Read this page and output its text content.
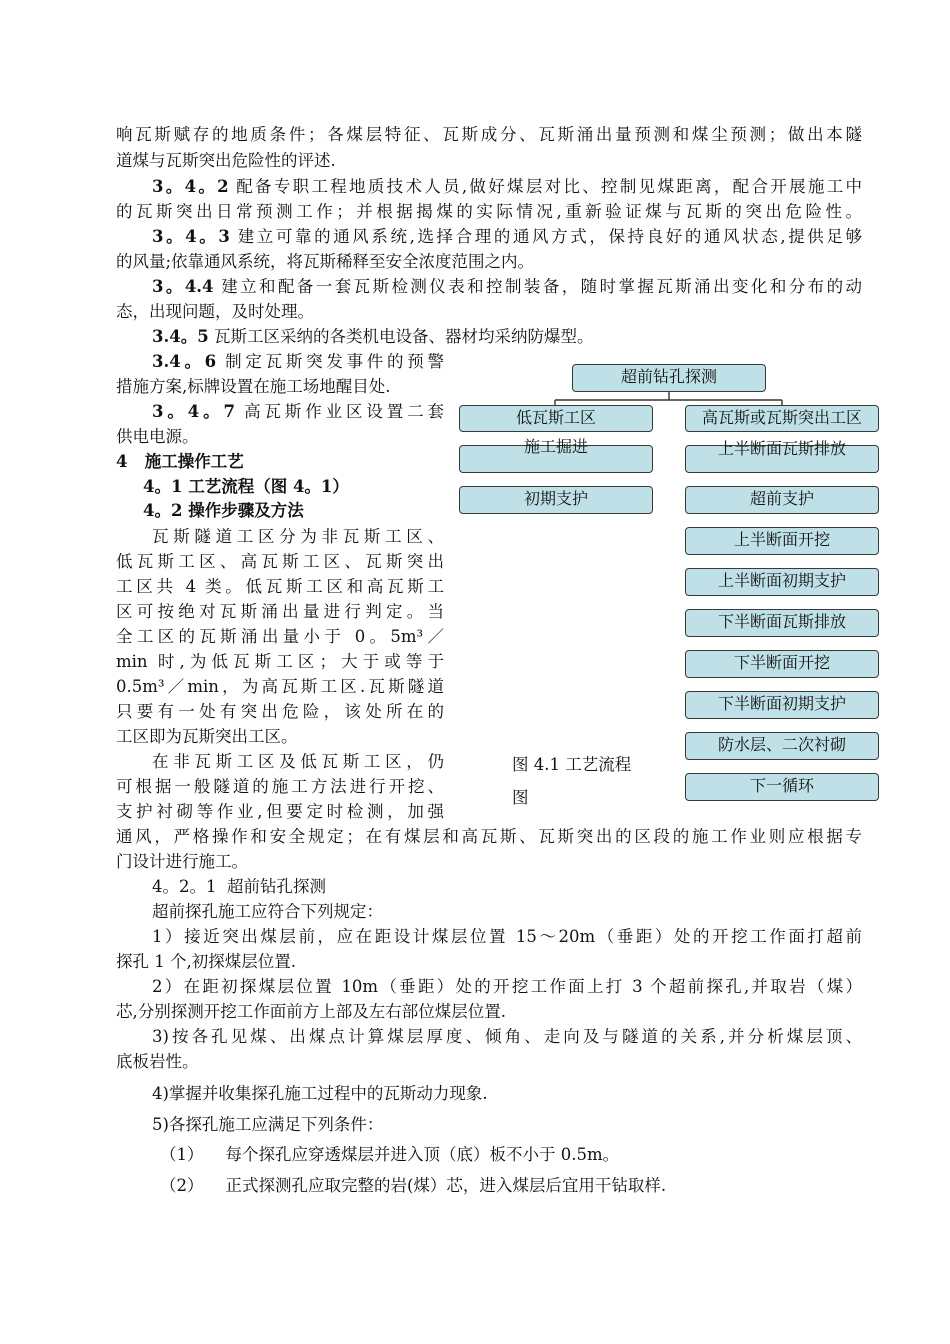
响瓦斯赋存的地质条件；各煤层特征、瓦斯成分、瓦斯涌出量预测和煤尘预测；做出本隧
道煤与瓦斯突出危险性的评述.
3。4。2 配备专职工程地质技术人员,做好煤层对比、控制见煤距离，配合开展施工中
的瓦斯突出日常预测工作；并根据揭煤的实际情况,重新验证煤与瓦斯的突出危险性。
3。4。3 建立可靠的通风系统,选择合理的通风方式，保持良好的通风状态,提供足够
的风量;依靠通风系统，将瓦斯稀释至安全浓度范围之内。
3。4.4 建立和配备一套瓦斯检测仪表和控制装备，随时掌握瓦斯涌出变化和分布的动
态，出现问题，及时处理。
3.4。5 瓦斯工区采纳的各类机电设备、器材均采纳防爆型。
3.4。6 制定瓦斯突发事件的预警
措施方案,标牌设置在施工场地醒目处.
3。4。7 高瓦斯作业区设置二套
供电电源。
4   施工操作工艺
4。1 工艺流程（图 4。1）
4。2 操作步骤及方法
瓦斯隧道工区分为非瓦斯工区、
低瓦斯工区、高瓦斯工区、瓦斯突出
工区共 4 类。低瓦斯工区和高瓦斯工
区可按绝对瓦斯涌出量进行判定。当
全工区的瓦斯涌出量小于 0。5m³／
min 时,为低瓦斯工区；大于或等于
0.5m³／min，为高瓦斯工区.瓦斯隧道
只要有一处有突出危险，该处所在的
工区即为瓦斯突出工区。
在非瓦斯工区及低瓦斯工区，仍
可根据一般隧道的施工方法进行开挖、
支护衬砌等作业,但要定时检测，加强
通风，严格操作和安全规定；在有煤层和高瓦斯、瓦斯突出的区段的施工作业则应根据专
门设计进行施工。
4。2。1  超前钻孔探测
超前探孔施工应符合下列规定：
1）接近突出煤层前，应在距设计煤层位置 15～20m（垂距）处的开挖工作面打超前
探孔 1 个,初探煤层位置.
2）在距初探煤层位置 10m（垂距）处的开挖工作面上打 3 个超前探孔,并取岩（煤）
芯,分别探测开挖工作面前方上部及左右部位煤层位置.
3)按各孔见煤、出煤点计算煤层厚度、倾角、走向及与隧道的关系,并分析煤层顶、
底板岩性。
4)掌握并收集探孔施工过程中的瓦斯动力现象.
5)各探孔施工应满足下列条件：
（1） 每个探孔应穿透煤层并进入顶（底）板不小于 0.5m。
（2） 正式探测孔应取完整的岩(煤）芯，进入煤层后宜用干钻取样.
超前钻孔探测
低瓦斯工区
施工掘进
初期支护
高瓦斯或瓦斯突出工区
上半断面瓦斯排放
超前支护
上半断面开挖
上半断面初期支护
下半断面瓦斯排放
下半断面开挖
下半断面初期支护
防水层、二次衬砌
下一循环
图 4.1 工艺流程
图
